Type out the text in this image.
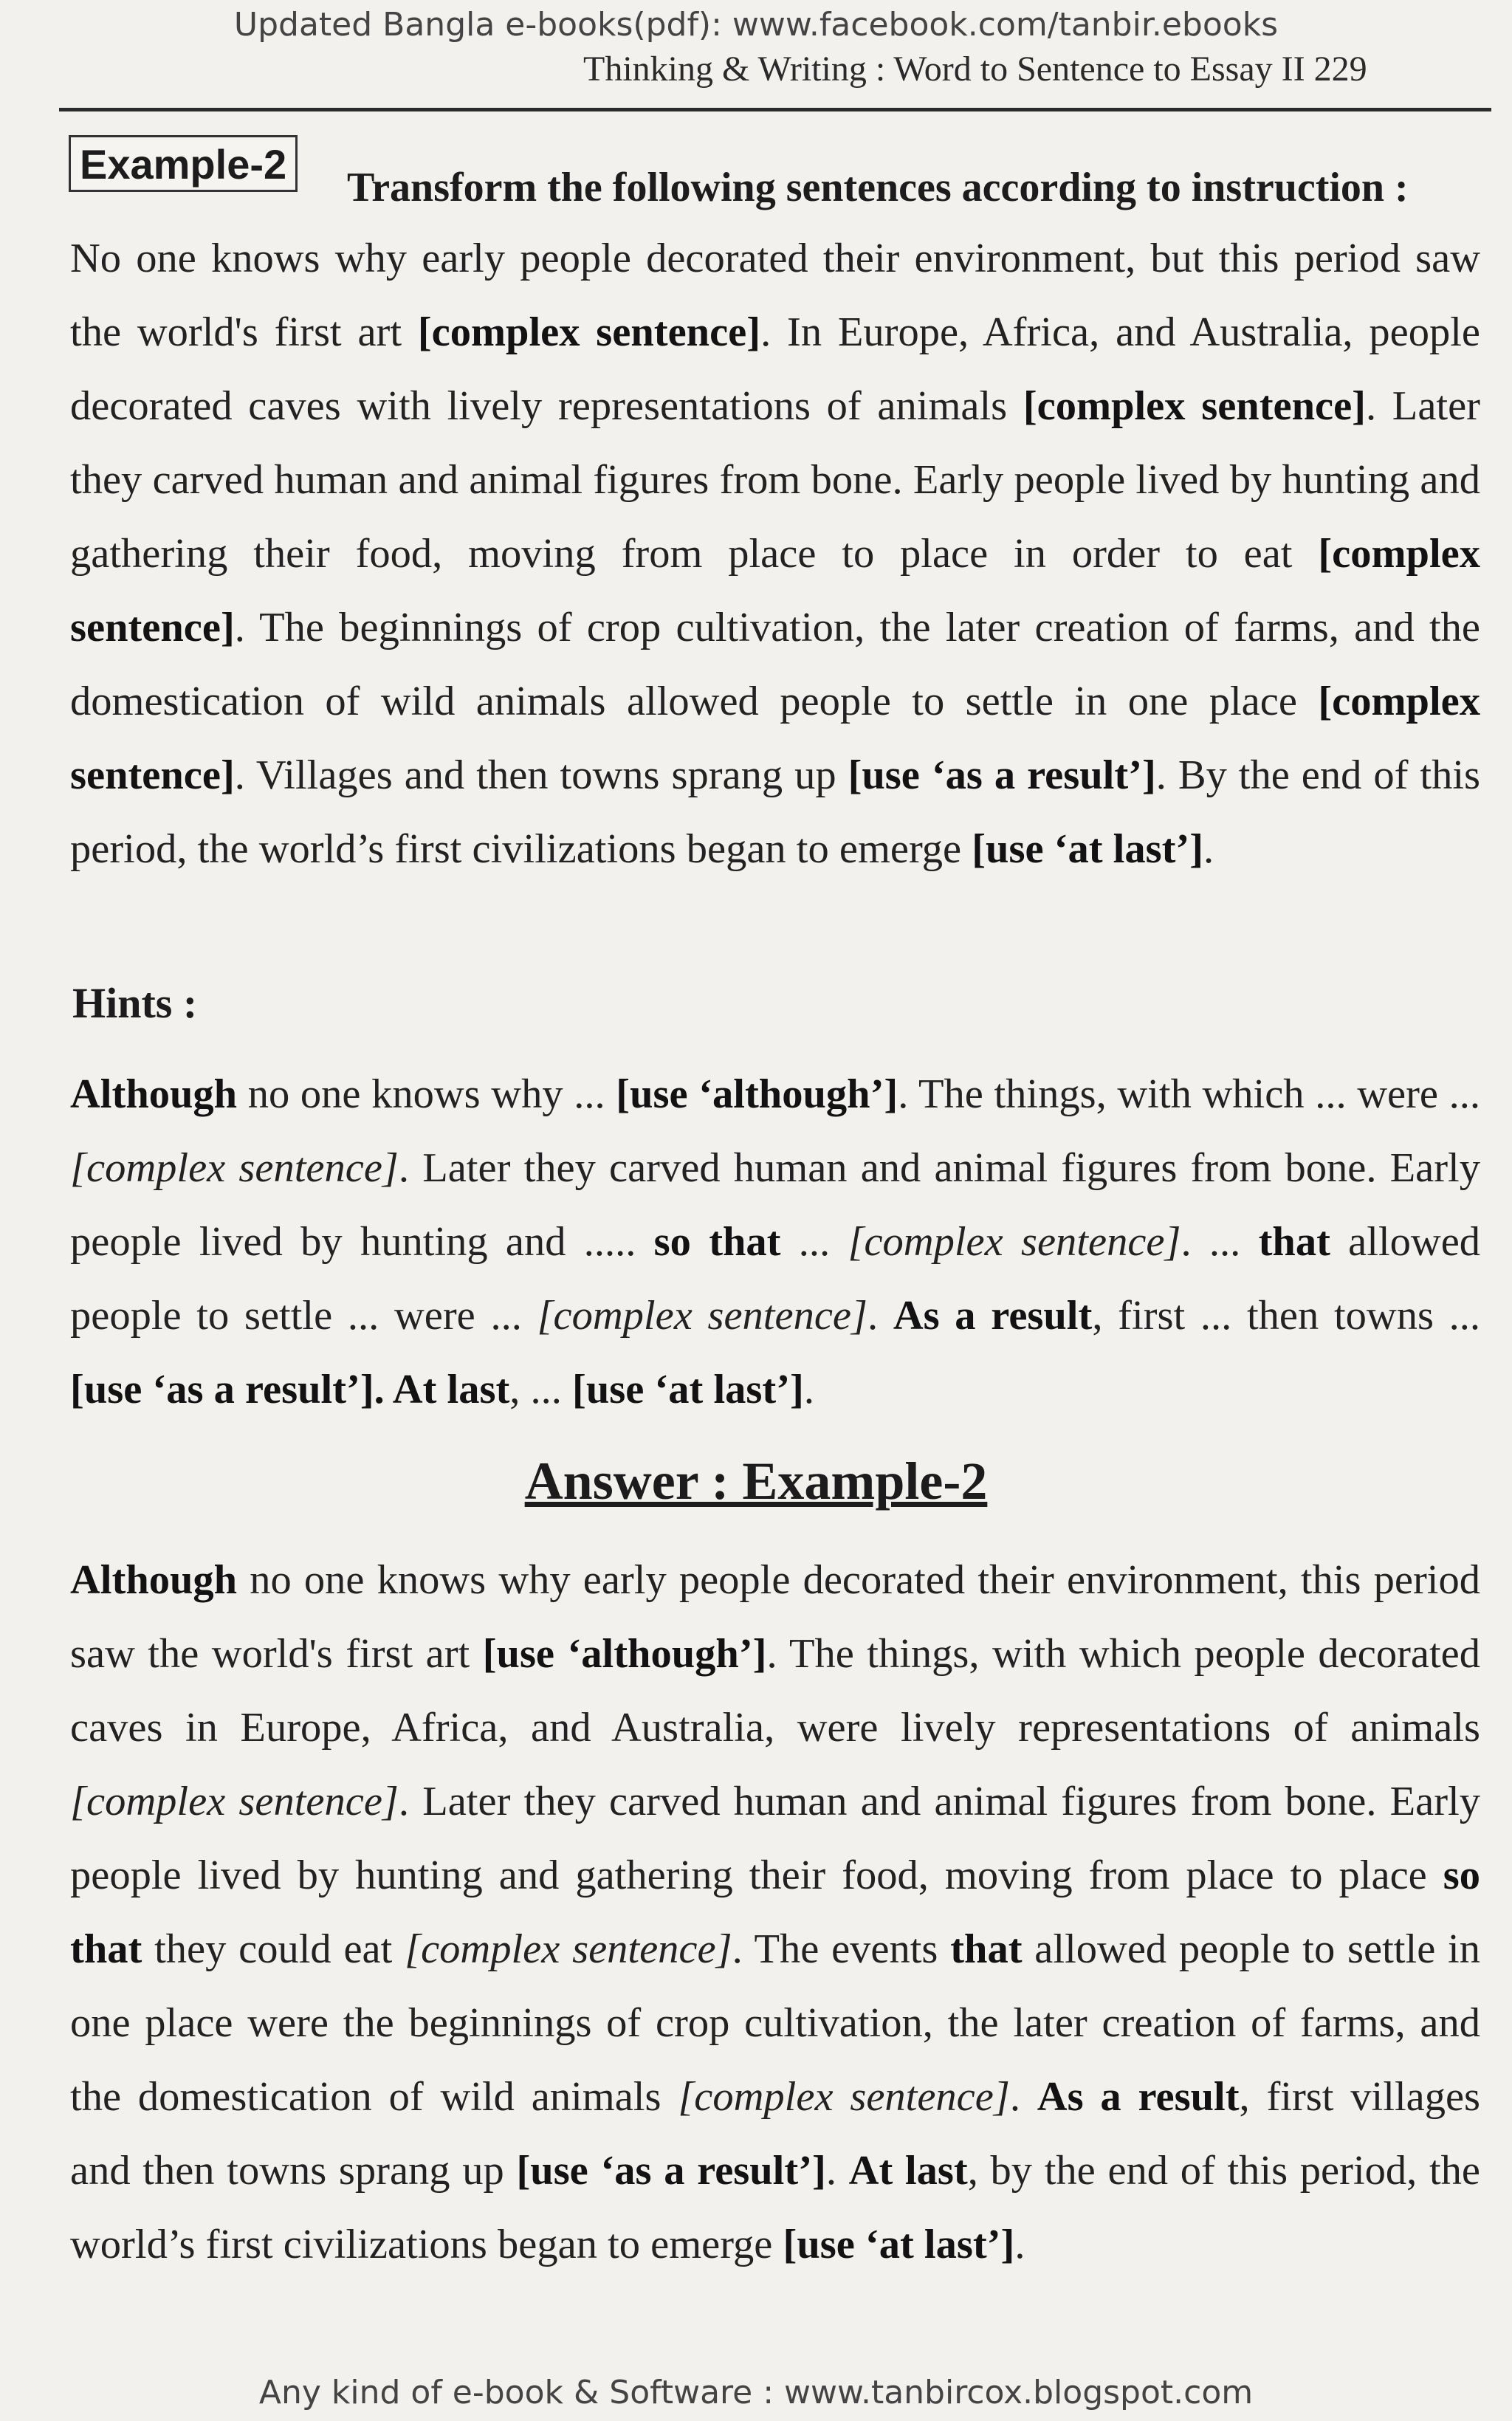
Updated Bangla e-books(pdf): www.facebook.com/tanbir.ebooks
Thinking & Writing : Word to Sentence to Essay II 229
Example-2 Transform the following sentences according to instruction :
No one knows why early people decorated their environment, but this period saw the world's first art [complex sentence]. In Europe, Africa, and Australia, people decorated caves with lively representations of animals [complex sentence]. Later they carved human and animal figures from bone. Early people lived by hunting and gathering their food, moving from place to place in order to eat [complex sentence]. The beginnings of crop cultivation, the later creation of farms, and the domestication of wild animals allowed people to settle in one place [complex sentence]. Villages and then towns sprang up [use ‘as a result’]. By the end of this period, the world’s first civilizations began to emerge [use ‘at last’].
Hints :
Although no one knows why ... [use ‘although’]. The things, with which ... were ... [complex sentence]. Later they carved human and animal figures from bone. Early people lived by hunting and ..... so that ... [complex sentence]. ... that allowed people to settle ... were ... [complex sentence]. As a result, first ... then towns ... [use ‘as a result’]. At last, ... [use ‘at last’].
Answer : Example-2
Although no one knows why early people decorated their environment, this period saw the world's first art [use ‘although’]. The things, with which people decorated caves in Europe, Africa, and Australia, were lively representations of animals [complex sentence]. Later they carved human and animal figures from bone. Early people lived by hunting and gathering their food, moving from place to place so that they could eat [complex sentence]. The events that allowed people to settle in one place were the beginnings of crop cultivation, the later creation of farms, and the domestication of wild animals [complex sentence]. As a result, first villages and then towns sprang up [use ‘as a result’]. At last, by the end of this period, the world’s first civilizations began to emerge [use ‘at last’].
Any kind of e-book & Software : www.tanbircox.blogspot.com
